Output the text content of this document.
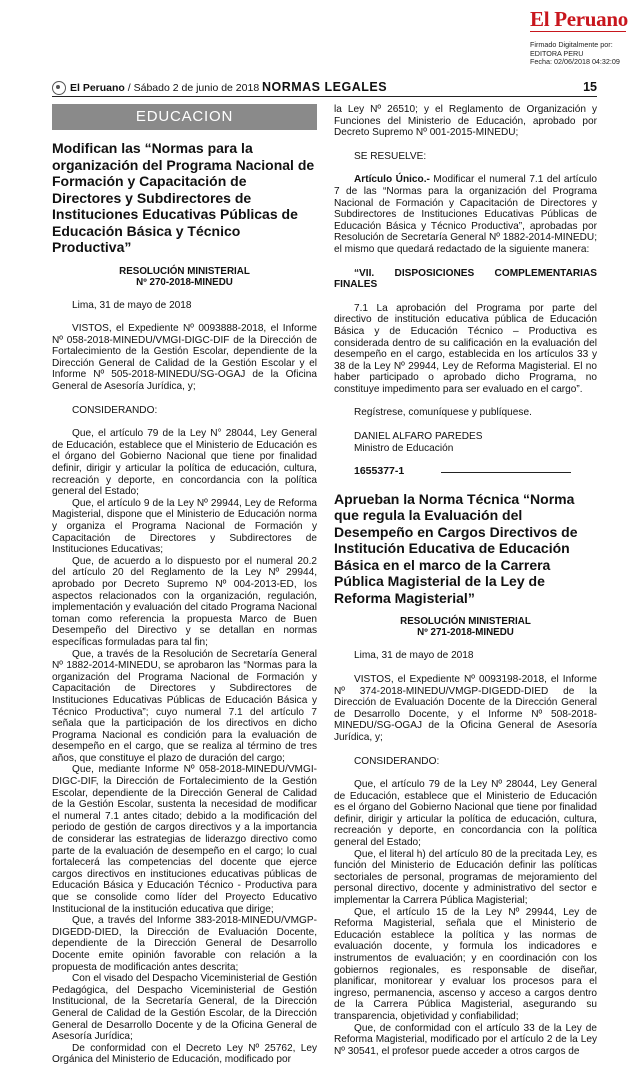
El Peruano
Firmado Digitalmente por:
EDITORA PERU
Fecha: 02/06/2018 04:32:09
El Peruano / Sábado 2 de junio de 2018 NORMAS LEGALES	15
EDUCACION

Modifican las “Normas para la organización del Programa Nacional de Formación y Capacitación de Directores y Subdirectores de Instituciones Educativas Públicas de Educación Básica y Técnico Productiva”

RESOLUCIÓN MINISTERIAL

Nº 270-2018-MINEDU

Lima, 31 de mayo de 2018

VISTOS, el Expediente Nº 0093888-2018, el Informe Nº 058-2018-MINEDU/VMGI-DIGC-DIF de la Dirección de Fortalecimiento de la Gestión Escolar, dependiente de la Dirección General de Calidad de la Gestión Escolar y el Informe Nº 505-2018-MINEDU/SG-OGAJ de la Oficina General de Asesoría Jurídica, y;

CONSIDERANDO:

Que, el artículo 79 de la Ley N° 28044, Ley General de Educación, establece que el Ministerio de Educación es el órgano del Gobierno Nacional que tiene por finalidad definir, dirigir y articular la política de educación, cultura, recreación y deporte, en concordancia con la política general del Estado;

Que, el artículo 9 de la Ley Nº 29944, Ley de Reforma Magisterial, dispone que el Ministerio de Educación norma y organiza el Programa Nacional de Formación y Capacitación de Directores y Subdirectores de Instituciones Educativas;

Que, de acuerdo a lo dispuesto por el numeral 20.2 del artículo 20 del Reglamento de la Ley Nº 29944, aprobado por Decreto Supremo Nº 004-2013-ED, los aspectos relacionados con la organización, regulación, implementación y evaluación del citado Programa Nacional toman como referencia la propuesta Marco de Buen Desempeño del Directivo y se detallan en normas específicas formuladas para tal fin;

Que, a través de la Resolución de Secretaría General Nº 1882-2014-MINEDU, se aprobaron las “Normas para la organización del Programa Nacional de Formación y Capacitación de Directores y Subdirectores de Instituciones Educativas Públicas de Educación Básica y Técnico Productiva”; cuyo numeral 7.1 del artículo 7 señala que la participación de los directivos en dicho Programa Nacional es condición para la evaluación de desempeño en el cargo, que se realiza al término de tres años, que constituye el plazo de duración del cargo;

Que, mediante Informe Nº 058-2018-MINEDU/VMGI-DIGC-DIF, la Dirección de Fortalecimiento de la Gestión Escolar, dependiente de la Dirección General de Calidad de la Gestión Escolar, sustenta la necesidad de modificar el numeral 7.1 antes citado; debido a la modificación del periodo de gestión de cargos directivos y a la importancia de considerar las estrategias de liderazgo directivo como parte de la evaluación de desempeño en el cargo; lo cual fortalecerá las competencias del docente que ejerce cargos directivos en instituciones educativas públicas de Educación Básica y Educación Técnico - Productiva para que se consolide como líder del Proyecto Educativo Institucional de la institución educativa que dirige;

Que, a través del Informe 383-2018-MINEDU/VMGP-DIGEDD-DIED, la Dirección de Evaluación Docente, dependiente de la Dirección General de Desarrollo Docente emite opinión favorable con relación a la propuesta de modificación antes descrita;

Con el visado del Despacho Viceministerial de Gestión Pedagógica, del Despacho Viceministerial de Gestión Institucional, de la Secretaría General, de la Dirección General de Calidad de la Gestión Escolar, de la Dirección General de Desarrollo Docente y de la Oficina General de Asesoría Jurídica;

De conformidad con el Decreto Ley Nº 25762, Ley Orgánica del Ministerio de Educación, modificado por

la Ley Nº 26510; y el Reglamento de Organización y Funciones del Ministerio de Educación, aprobado por Decreto Supremo Nº 001-2015-MINEDU;

SE RESUELVE:

Artículo Único.- Modificar el numeral 7.1 del artículo 7 de las “Normas para la organización del Programa Nacional de Formación y Capacitación de Directores y Subdirectores de Instituciones Educativas Públicas de Educación Básica y Técnico Productiva”, aprobadas por Resolución de Secretaría General Nº 1882-2014-MINEDU; el mismo que quedará redactado de la siguiente manera:

“VII. DISPOSICIONES COMPLEMENTARIAS FINALES

7.1 La aprobación del Programa por parte del directivo de institución educativa pública de Educación Básica y de Educación Técnico – Productiva es considerada dentro de su calificación en la evaluación del desempeño en el cargo, establecida en los artículos 33 y 38 de la Ley Nº 29944, Ley de Reforma Magisterial. El no haber participado o aprobado dicho Programa, no constituye impedimento para ser evaluado en el cargo”.

Regístrese, comuníquese y publíquese.

DANIEL ALFARO PAREDES

Ministro de Educación

1655377-1

Aprueban la Norma Técnica “Norma que regula la Evaluación del Desempeño en Cargos Directivos de Institución Educativa de Educación Básica en el marco de la Carrera Pública Magisterial de la Ley de Reforma Magisterial”

RESOLUCIÓN MINISTERIAL

Nº 271-2018-MINEDU

Lima, 31 de mayo de 2018

VISTOS, el Expediente Nº 0093198-2018, el Informe Nº 374-2018-MINEDU/VMGP-DIGEDD-DIED de la Dirección de Evaluación Docente de la Dirección General de Desarrollo Docente, y el Informe Nº 508-2018-MINEDU/SG-OGAJ de la Oficina General de Asesoría Jurídica, y;

CONSIDERANDO:

Que, el artículo 79 de la Ley Nº 28044, Ley General de Educación, establece que el Ministerio de Educación es el órgano del Gobierno Nacional que tiene por finalidad definir, dirigir y articular la política de educación, cultura, recreación y deporte, en concordancia con la política general del Estado;

Que, el literal h) del artículo 80 de la precitada Ley, es función del Ministerio de Educación definir las políticas sectoriales de personal, programas de mejoramiento del personal directivo, docente y administrativo del sector e implementar la Carrera Pública Magisterial;

Que, el artículo 15 de la Ley Nº 29944, Ley de Reforma Magisterial, señala que el Ministerio de Educación establece la política y las normas de evaluación docente, y formula los indicadores e instrumentos de evaluación; y en coordinación con los gobiernos regionales, es responsable de diseñar, planificar, monitorear y evaluar los procesos para el ingreso, permanencia, ascenso y acceso a cargos dentro de la Carrera Pública Magisterial, asegurando su transparencia, objetividad y confiabilidad;

Que, de conformidad con el artículo 33 de la Ley de Reforma Magisterial, modificado por el artículo 2 de la Ley Nº 30541, el profesor puede acceder a otros cargos de
